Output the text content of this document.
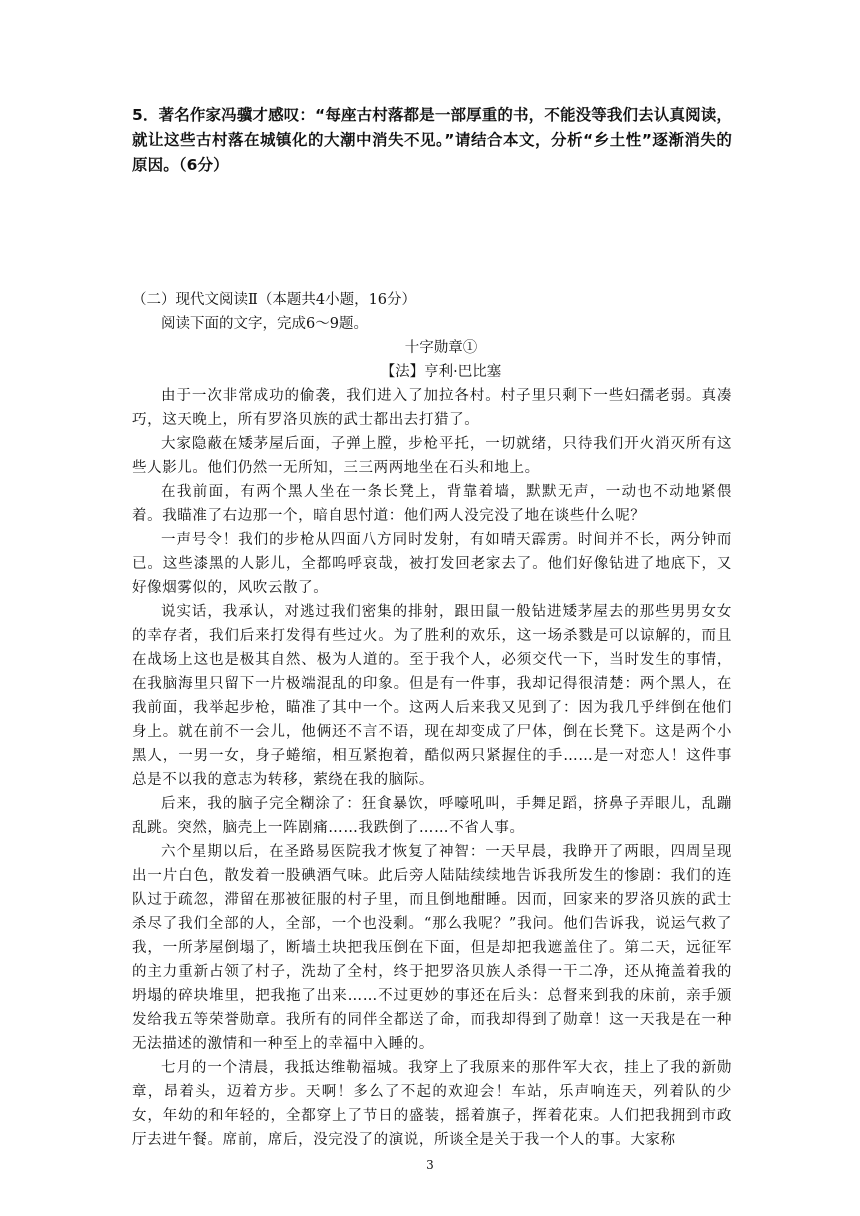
5．著名作家冯骥才感叹：“每座古村落都是一部厚重的书，不能没等我们去认真阅读，就让这些古村落在城镇化的大潮中消失不见。”请结合本文，分析“乡土性”逐渐消失的原因。（6分）

（二）现代文阅读Ⅱ（本题共4小题，16分）

阅读下面的文字，完成6～9题。

十字勋章①

【法】亨利·巴比塞

由于一次非常成功的偷袭，我们进入了加拉各村。村子里只剩下一些妇孺老弱。真凑巧，这天晚上，所有罗洛贝族的武士都出去打猎了。

大家隐蔽在矮茅屋后面，子弹上膛，步枪平托，一切就绪，只待我们开火消灭所有这些人影儿。他们仍然一无所知，三三两两地坐在石头和地上。

在我前面，有两个黑人坐在一条长凳上，背靠着墙，默默无声，一动也不动地紧偎着。我瞄准了右边那一个，暗自思忖道：他们两人没完没了地在谈些什么呢？

一声号令！我们的步枪从四面八方同时发射，有如晴天霹雳。时间并不长，两分钟而已。这些漆黑的人影儿，全都呜呼哀哉，被打发回老家去了。他们好像钻进了地底下，又好像烟雾似的，风吹云散了。

说实话，我承认，对逃过我们密集的排射，跟田鼠一般钻进矮茅屋去的那些男男女女的幸存者，我们后来打发得有些过火。为了胜利的欢乐，这一场杀戮是可以谅解的，而且在战场上这也是极其自然、极为人道的。至于我个人，必须交代一下，当时发生的事情，在我脑海里只留下一片极端混乱的印象。但是有一件事，我却记得很清楚：两个黑人，在我前面，我举起步枪，瞄准了其中一个。这两人后来我又见到了：因为我几乎绊倒在他们身上。就在前不一会儿，他俩还不言不语，现在却变成了尸体，倒在长凳下。这是两个小黑人，一男一女，身子蜷缩，相互紧抱着，酷似两只紧握住的手……是一对恋人！这件事总是不以我的意志为转移，萦绕在我的脑际。

后来，我的脑子完全糊涂了：狂食暴饮，呼嚎吼叫，手舞足蹈，挤鼻子弄眼儿，乱蹦乱跳。突然，脑壳上一阵剧痛……我跌倒了……不省人事。

六个星期以后，在圣路易医院我才恢复了神智：一天早晨，我睁开了两眼，四周呈现出一片白色，散发着一股碘酒气味。此后旁人陆陆续续地告诉我所发生的惨剧：我们的连队过于疏忽，滞留在那被征服的村子里，而且倒地酣睡。因而，回家来的罗洛贝族的武士杀尽了我们全部的人，全部，一个也没剩。“那么我呢？”我问。他们告诉我，说运气救了我，一所茅屋倒塌了，断墙土块把我压倒在下面，但是却把我遮盖住了。第二天，远征军的主力重新占领了村子，洗劫了全村，终于把罗洛贝族人杀得一干二净，还从掩盖着我的坍塌的碎块堆里，把我拖了出来……不过更妙的事还在后头：总督来到我的床前，亲手颁发给我五等荣誉勋章。我所有的同伴全都送了命，而我却得到了勋章！这一天我是在一种无法描述的激情和一种至上的幸福中入睡的。

七月的一个清晨，我抵达维勒福城。我穿上了我原来的那件军大衣，挂上了我的新勋章，昂着头，迈着方步。天啊！多么了不起的欢迎会！车站，乐声响连天，列着队的少女，年幼的和年轻的，全都穿上了节日的盛装，摇着旗子，挥着花束。人们把我拥到市政厅去进午餐。席前，席后，没完没了的演说，所谈全是关于我一个人的事。大家称

3
